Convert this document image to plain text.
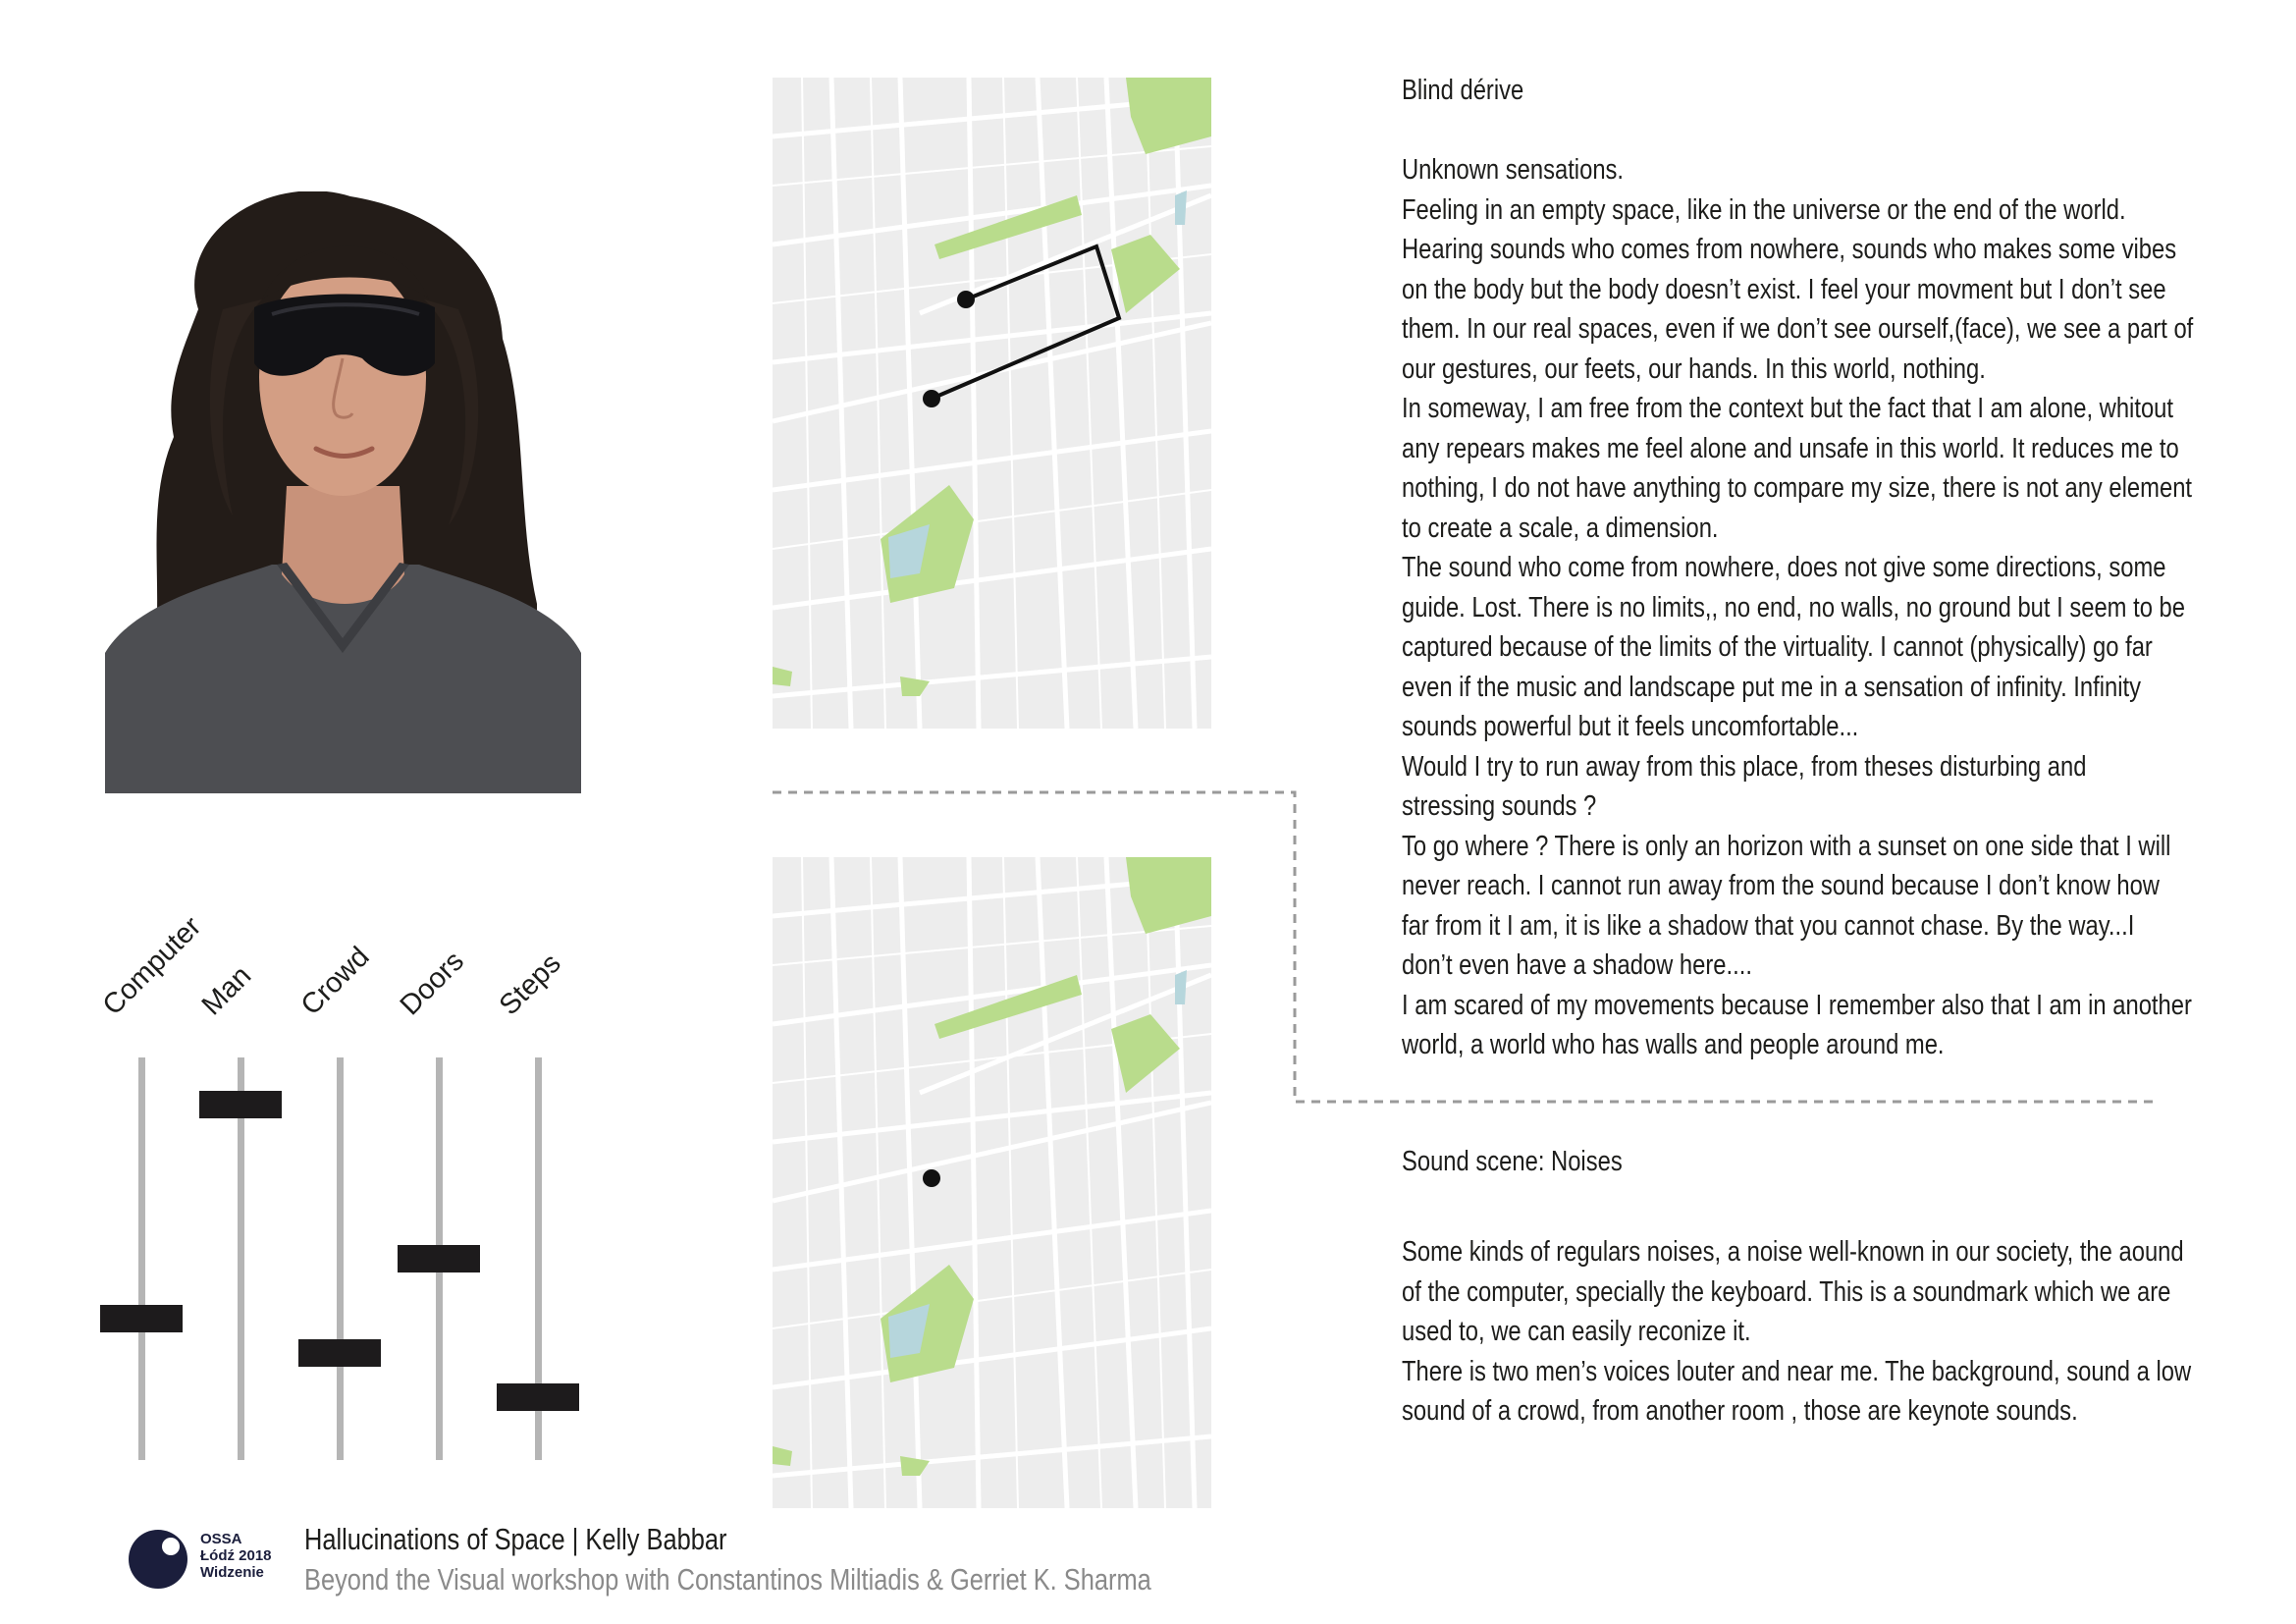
Blind dérive

Unknown sensations.

Feeling in an empty space, like in the universe or the end of the world.

Hearing sounds who comes from nowhere, sounds who makes some vibes

on the body but the body doesn’t exist. I feel your movment but I don’t see

them. In our real spaces, even if we don’t see ourself,(face), we see a part of

our gestures, our feets, our hands. In this world, nothing.

In someway, I am free from the context but the fact that I am alone, whitout

any repears makes me feel alone and unsafe in this world. It reduces me to

nothing, I do not have anything to compare my size, there is not any element

to create a scale, a dimension.

The sound who come from nowhere, does not give some directions, some

guide. Lost. There is no limits,, no end, no walls, no ground but I seem to be

captured because of the limits of the virtuality. I cannot (physically) go far

even if the music and landscape put me in a sensation of infinity. Infinity

sounds powerful but it feels uncomfortable...

Would I try to run away from this place, from theses disturbing and

stressing sounds ?

To go where ? There is only an horizon with a sunset on one side that I will

never reach. I cannot run away from the sound because I don’t know how

far from it I am, it is like a shadow that you cannot chase. By the way...I

don’t even have a shadow here....

I am scared of my movements because I remember also that I am in another

world, a world who has walls and people around me.

Sound scene: Noises

Some kinds of regulars noises, a noise well-known in our society, the aound

of the computer, specially the keyboard. This is a soundmark which we are

used to, we can easily reconize it.

There is two men’s voices louter and near me. The background, sound a low

sound of a crowd, from another room , those are keynote sounds.

Computer
Man Crowd Doors Steps
OSSA
Łódź 2018
Widzenie
Hallucinations of Space | Kelly Babbar
Beyond the Visual workshop with Constantinos Miltiadis & Gerriet K. Sharma
